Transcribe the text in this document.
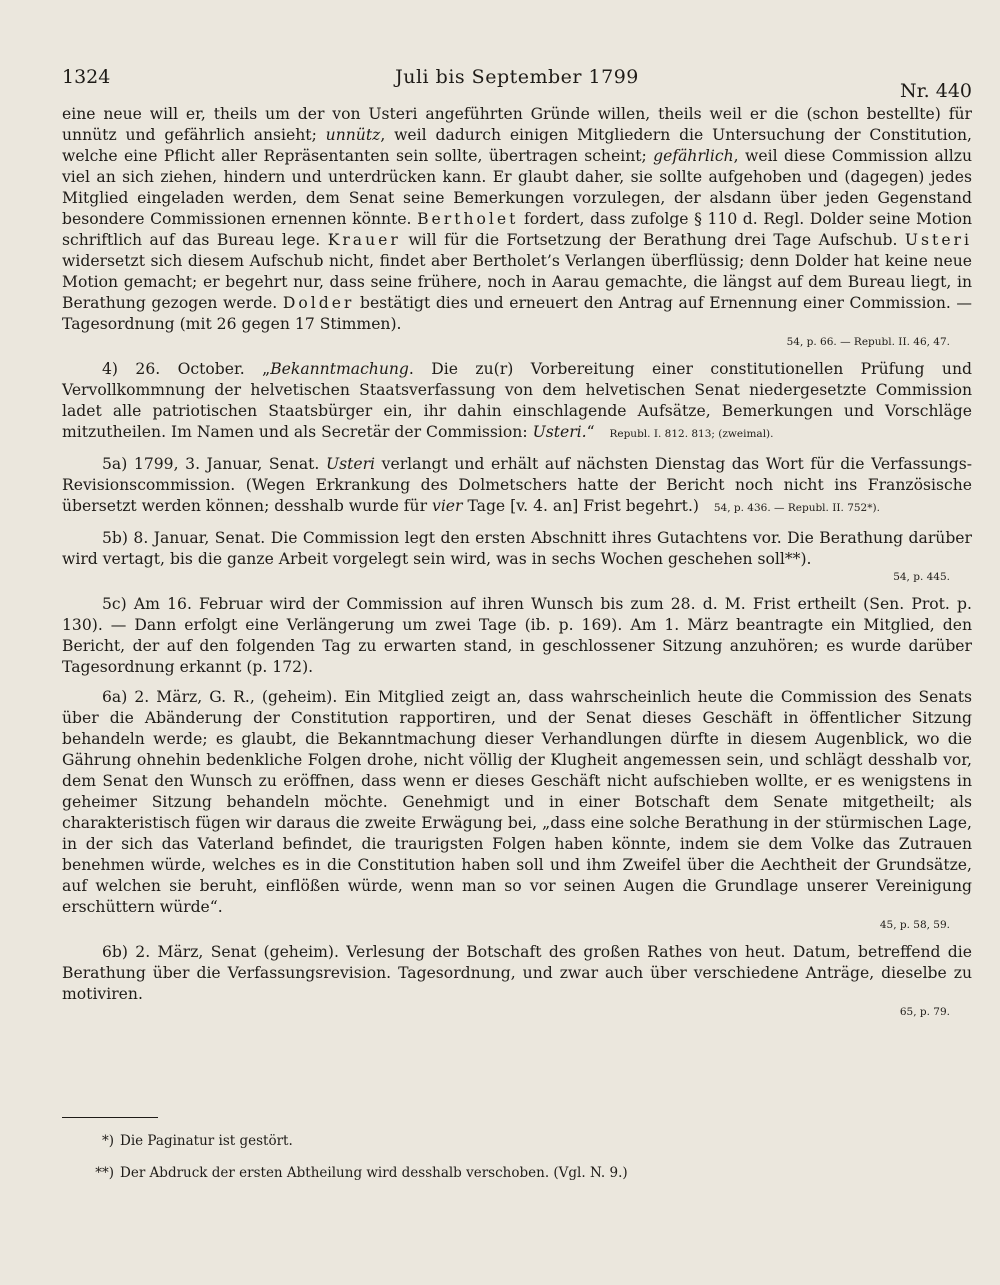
1324	Juli bis September 1799
Nr. 440

eine neue will er, theils um der von Usteri angeführten Gründe willen, theils weil er die (schon bestellte) für unnütz und gefährlich ansieht; unnütz, weil dadurch einigen Mitgliedern die Untersuchung der Constitution, welche eine Pflicht aller Repräsentanten sein sollte, übertragen scheint; gefährlich, weil diese Commission allzu viel an sich ziehen, hindern und unterdrücken kann. Er glaubt daher, sie sollte aufgehoben und (dagegen) jedes Mitglied eingeladen werden, dem Senat seine Bemerkungen vorzulegen, der alsdann über jeden Gegenstand besondere Commissionen ernennen könnte. Bertholet fordert, dass zufolge § 110 d. Regl. Dolder seine Motion schriftlich auf das Bureau lege. Krauer will für die Fortsetzung der Berathung drei Tage Aufschub. Usteri widersetzt sich diesem Aufschub nicht, findet aber Bertholet’s Verlangen überflüssig; denn Dolder hat keine neue Motion gemacht; er begehrt nur, dass seine frühere, noch in Aarau gemachte, die längst auf dem Bureau liegt, in Berathung gezogen werde. Dolder bestätigt dies und erneuert den Antrag auf Ernennung einer Commission. — Tagesordnung (mit 26 gegen 17 Stimmen).
54, p. 66. — Republ. II. 46, 47.

4) 26. October. „Bekanntmachung. Die zu(r) Vorbereitung einer constitutionellen Prüfung und Vervollkommnung der helvetischen Staatsverfassung von dem helvetischen Senat niedergesetzte Commission ladet alle patriotischen Staatsbürger ein, ihr dahin einschlagende Aufsätze, Bemerkungen und Vorschläge mitzutheilen. Im Namen und als Secretär der Commission: Usteri.“ Republ. I. 812. 813; (zweimal).

5a) 1799, 3. Januar, Senat. Usteri verlangt und erhält auf nächsten Dienstag das Wort für die Verfassungs-Revisionscommission. (Wegen Erkrankung des Dolmetschers hatte der Bericht noch nicht ins Französische übersetzt werden können; desshalb wurde für vier Tage [v. 4. an] Frist begehrt.) 54, p. 436. — Republ. II. 752*).

5b) 8. Januar, Senat. Die Commission legt den ersten Abschnitt ihres Gutachtens vor. Die Berathung darüber wird vertagt, bis die ganze Arbeit vorgelegt sein wird, was in sechs Wochen geschehen soll**).
54, p. 445.

5c) Am 16. Februar wird der Commission auf ihren Wunsch bis zum 28. d. M. Frist ertheilt (Sen. Prot. p. 130). — Dann erfolgt eine Verlängerung um zwei Tage (ib. p. 169). Am 1. März beantragte ein Mitglied, den Bericht, der auf den folgenden Tag zu erwarten stand, in geschlossener Sitzung anzuhören; es wurde darüber Tagesordnung erkannt (p. 172).

6a) 2. März, G. R., (geheim). Ein Mitglied zeigt an, dass wahrscheinlich heute die Commission des Senats über die Abänderung der Constitution rapportiren, und der Senat dieses Geschäft in öffentlicher Sitzung behandeln werde; es glaubt, die Bekanntmachung dieser Verhandlungen dürfte in diesem Augenblick, wo die Gährung ohnehin bedenkliche Folgen drohe, nicht völlig der Klugheit angemessen sein, und schlägt desshalb vor, dem Senat den Wunsch zu eröffnen, dass wenn er dieses Geschäft nicht aufschieben wollte, er es wenigstens in geheimer Sitzung behandeln möchte. Genehmigt und in einer Botschaft dem Senate mitgetheilt; als charakteristisch fügen wir daraus die zweite Erwägung bei, „dass eine solche Berathung in der stürmischen Lage, in der sich das Vaterland befindet, die traurigsten Folgen haben könnte, indem sie dem Volke das Zutrauen benehmen würde, welches es in die Constitution haben soll und ihm Zweifel über die Aechtheit der Grundsätze, auf welchen sie beruht, einflößen würde, wenn man so vor seinen Augen die Grundlage unserer Vereinigung erschüttern würde“.
45, p. 58, 59.

6b) 2. März, Senat (geheim). Verlesung der Botschaft des großen Rathes von heut. Datum, betreffend die Berathung über die Verfassungsrevision. Tagesordnung, und zwar auch über verschiedene Anträge, dieselbe zu motiviren.
65, p. 79.

*) Die Paginatur ist gestört.
**) Der Abdruck der ersten Abtheilung wird desshalb verschoben. (Vgl. N. 9.)
